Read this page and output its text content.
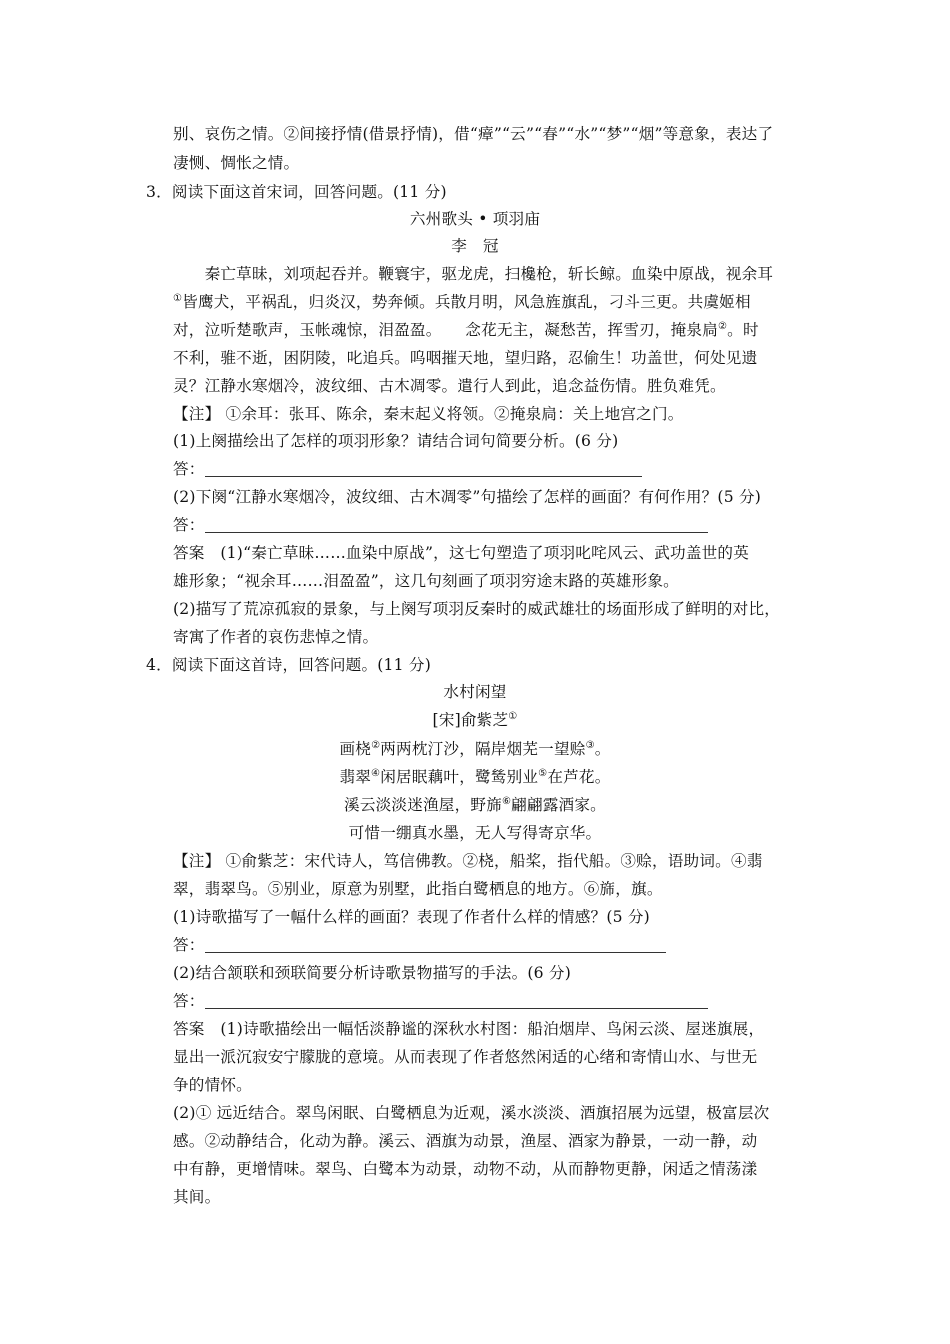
别、哀伤之情。②间接抒情(借景抒情)，借“瘴”“云”“春”“水”“梦”“烟”等意象，表达了
凄恻、惆怅之情。
3．阅读下面这首宋词，回答问题。(11 分)
六州歌头 • 项羽庙
李　冠
　　秦亡草昧，刘项起吞并。鞭寰宇，驱龙虎，扫欃枪，斩长鲸。血染中原战，视余耳
①皆鹰犬，平祸乱，归炎汉，势奔倾。兵散月明，风急旌旗乱，刁斗三更。共虞姬相
对，泣听楚歌声，玉帐魂惊，泪盈盈。　　念花无主，凝愁苦，挥雪刃，掩泉扃②。时
不利，骓不逝，困阴陵，叱追兵。呜咽摧天地，望归路，忍偷生！功盖世，何处见遗
灵？江静水寒烟冷，波纹细、古木凋零。遣行人到此，追念益伤情。胜负难凭。
【注】 ①余耳：张耳、陈余，秦末起义将领。②掩泉扃：关上地宫之门。
(1)上阕描绘出了怎样的项羽形象？请结合词句简要分析。(6 分)
答：
(2)下阕“江静水寒烟冷，波纹细、古木凋零”句描绘了怎样的画面？有何作用？(5 分)
答：
答案　(1)“秦亡草昧……血染中原战”，这七句塑造了项羽叱咤风云、武功盖世的英
雄形象；“视余耳……泪盈盈”，这几句刻画了项羽穷途末路的英雄形象。
(2)描写了荒凉孤寂的景象，与上阕写项羽反秦时的威武雄壮的场面形成了鲜明的对比，
寄寓了作者的哀伤悲悼之情。
4．阅读下面这首诗，回答问题。(11 分)
水村闲望
[宋]俞紫芝①
画桡②两两枕汀沙，隔岸烟芜一望赊③。
翡翠④闲居眠藕叶，鹭鸶别业⑤在芦花。
溪云淡淡迷渔屋，野旆⑥翩翩露酒家。
可惜一绷真水墨，无人写得寄京华。
【注】 ①俞紫芝：宋代诗人，笃信佛教。②桡，船桨，指代船。③赊，语助词。④翡
翠，翡翠鸟。⑤别业，原意为别墅，此指白鹭栖息的地方。⑥旆，旗。
(1)诗歌描写了一幅什么样的画面？表现了作者什么样的情感？(5 分)
答：
(2)结合颔联和颈联简要分析诗歌景物描写的手法。(6 分)
答：
答案　(1)诗歌描绘出一幅恬淡静谧的深秋水村图：船泊烟岸、鸟闲云淡、屋迷旗展，
显出一派沉寂安宁朦胧的意境。从而表现了作者悠然闲适的心绪和寄情山水、与世无
争的情怀。
(2)① 远近结合。翠鸟闲眠、白鹭栖息为近观，溪水淡淡、酒旗招展为远望，极富层次
感。②动静结合，化动为静。溪云、酒旗为动景，渔屋、酒家为静景，一动一静，动
中有静，更增情味。翠鸟、白鹭本为动景，动物不动，从而静物更静，闲适之情荡漾
其间。
